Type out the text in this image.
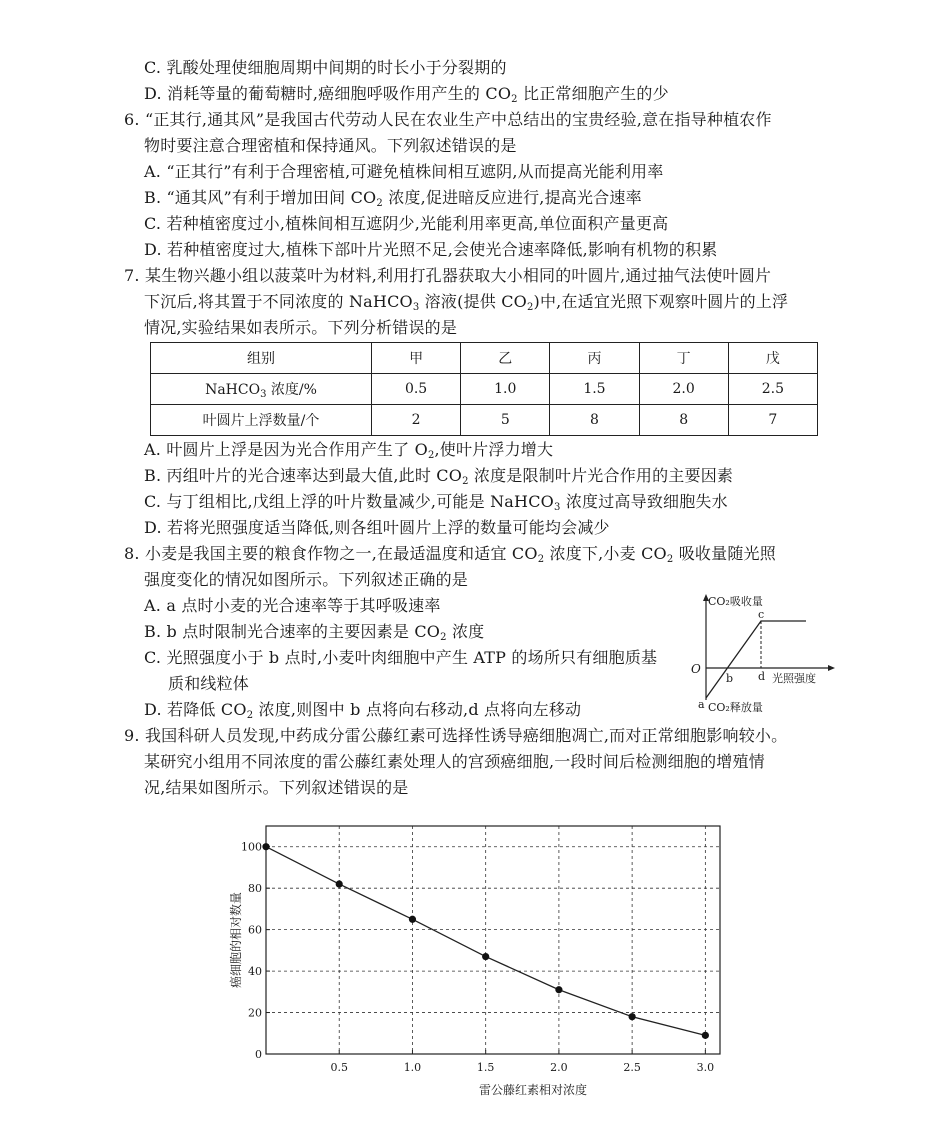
C. 乳酸处理使细胞周期中间期的时长小于分裂期的
D. 消耗等量的葡萄糖时,癌细胞呼吸作用产生的 $CO_2$ 比正常细胞产生的少
6. “正其行,通其风”是我国古代劳动人民在农业生产中总结出的宝贵经验,意在指导种植农作
物时要注意合理密植和保持通风。下列叙述错误的是
A. “正其行”有利于合理密植,可避免植株间相互遮阴,从而提高光能利用率
B. “通其风”有利于增加田间 $CO_2$ 浓度,促进暗反应进行,提高光合速率
C. 若种植密度过小,植株间相互遮阴少,光能利用率更高,单位面积产量更高
D. 若种植密度过大,植株下部叶片光照不足,会使光合速率降低,影响有机物的积累
7. 某生物兴趣小组以菠菜叶为材料,利用打孔器获取大小相同的叶圆片,通过抽气法使叶圆片
下沉后,将其置于不同浓度的 NaHCO$_3$ 溶液(提供 $CO_2$)中,在适宜光照下观察叶圆片的上浮
情况,实验结果如表所示。下列分析错误的是
组别	甲	乙	丙	丁	戊
NaHCO$_3$ 浓度/%	0.5	1.0	1.5	2.0	2.5
叶圆片上浮数量/个	2	5	8	8	7
A. 叶圆片上浮是因为光合作用产生了 $O_2$,使叶片浮力增大
B. 丙组叶片的光合速率达到最大值,此时 $CO_2$ 浓度是限制叶片光合作用的主要因素
C. 与丁组相比,戊组上浮的叶片数量减少,可能是 NaHCO$_3$ 浓度过高导致细胞失水
D. 若将光照强度适当降低,则各组叶圆片上浮的数量可能均会减少
8. 小麦是我国主要的粮食作物之一,在最适温度和适宜 $CO_2$ 浓度下,小麦 $CO_2$ 吸收量随光照
强度变化的情况如图所示。下列叙述正确的是
A. a 点时小麦的光合速率等于其呼吸速率
B. b 点时限制光合速率的主要因素是 $CO_2$ 浓度
C. 光照强度小于 b 点时,小麦叶肉细胞中产生 ATP 的场所只有细胞质基
质和线粒体
D. 若降低 $CO_2$ 浓度,则图中 b 点将向右移动,d 点将向左移动
CO₂吸收量
光照强度
CO₂释放量
O
a
b
c
d
9. 我国科研人员发现,中药成分雷公藤红素可选择性诱导癌细胞凋亡,而对正常细胞影响较小。
某研究小组用不同浓度的雷公藤红素处理人的宫颈癌细胞,一段时间后检测细胞的增殖情
况,结果如图所示。下列叙述错误的是
0
20
40
60
80
100
0.5	1.0	1.5	2.0	2.5	3.0
癌细胞的相对数量
雷公藤红素相对浓度
